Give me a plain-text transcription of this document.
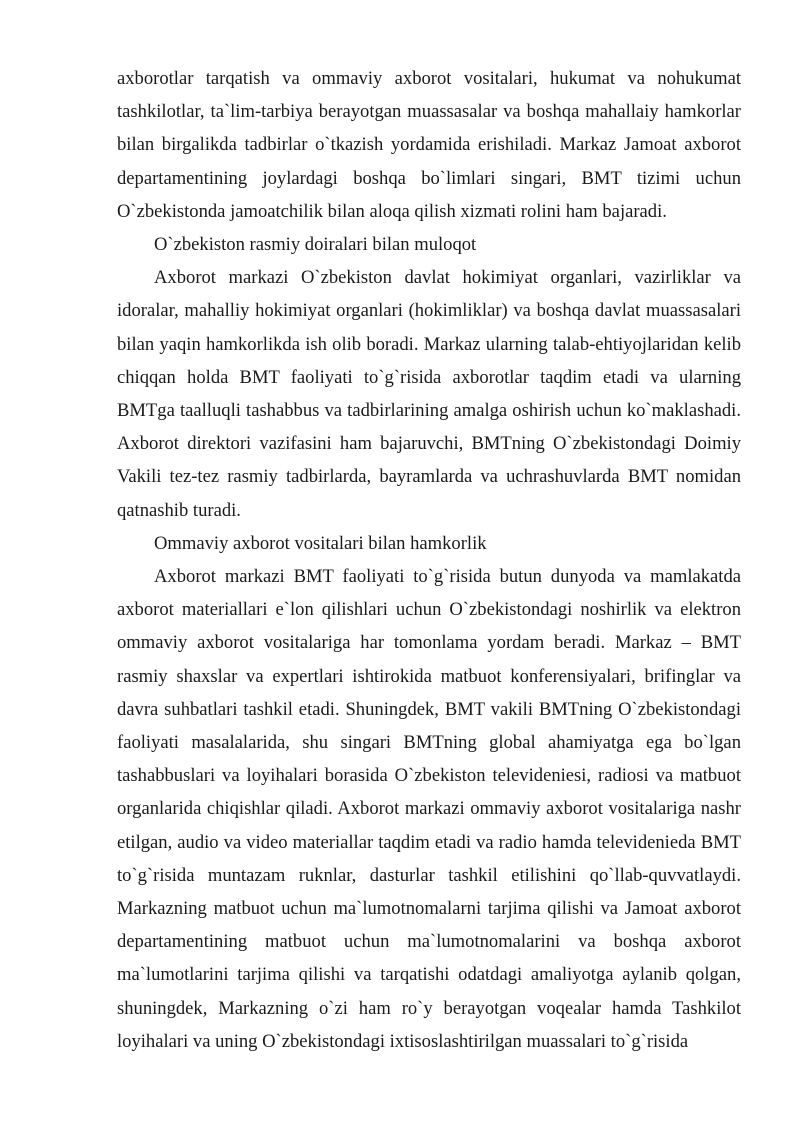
axborotlar tarqatish va ommaviy axborot vositalari, hukumat va nohukumat tashkilotlar, ta`lim-tarbiya berayotgan muassasalar va boshqa mahallaiy hamkorlar bilan birgalikda tadbirlar o`tkazish yordamida erishiladi. Markaz Jamoat axborot departamentining joylardagi boshqa bo`limlari singari, BMT tizimi uchun O`zbekistonda jamoatchilik bilan aloqa qilish xizmati rolini ham bajaradi.

O`zbekiston rasmiy doiralari bilan muloqot

Axborot markazi O`zbekiston davlat hokimiyat organlari, vazirliklar va idoralar, mahalliy hokimiyat organlari (hokimliklar) va boshqa davlat muassasalari bilan yaqin hamkorlikda ish olib boradi. Markaz ularning talab-ehtiyojlaridan kelib chiqqan holda BMT faoliyati to`g`risida axborotlar taqdim etadi va ularning BMTga taalluqli tashabbus va tadbirlarining amalga oshirish uchun ko`maklashadi. Axborot direktori vazifasini ham bajaruvchi, BMTning O`zbekistondagi Doimiy Vakili tez-tez rasmiy tadbirlarda, bayramlarda va uchrashuvlarda BMT nomidan qatnashib turadi.

Ommaviy axborot vositalari bilan hamkorlik

Axborot markazi BMT faoliyati to`g`risida butun dunyoda va mamlakatda axborot materiallari e`lon qilishlari uchun O`zbekistondagi noshirlik va elektron ommaviy axborot vositalariga har tomonlama yordam beradi. Markaz – BMT rasmiy shaxslar va expertlari ishtirokida matbuot konferensiyalari, brifinglar va davra suhbatlari tashkil etadi. Shuningdek, BMT vakili BMTning O`zbekistondagi faoliyati masalalarida, shu singari BMTning global ahamiyatga ega bo`lgan tashabbuslari va loyihalari borasida O`zbekiston televideniesi, radiosi va matbuot organlarida chiqishlar qiladi. Axborot markazi ommaviy axborot vositalariga nashr etilgan, audio va video materiallar taqdim etadi va radio hamda televidenieda BMT to`g`risida muntazam ruknlar, dasturlar tashkil etilishini qo`llab-quvvatlaydi. Markazning matbuot uchun ma`lumotnomalarni tarjima qilishi va Jamoat axborot departamentining matbuot uchun ma`lumotnomalarini va boshqa axborot ma`lumotlarini tarjima qilishi va tarqatishi odatdagi amaliyotga aylanib qolgan, shuningdek, Markazning o`zi ham ro`y berayotgan voqealar hamda Tashkilot loyihalari va uning O`zbekistondagi ixtisoslashtirilgan muassalari to`g`risida
